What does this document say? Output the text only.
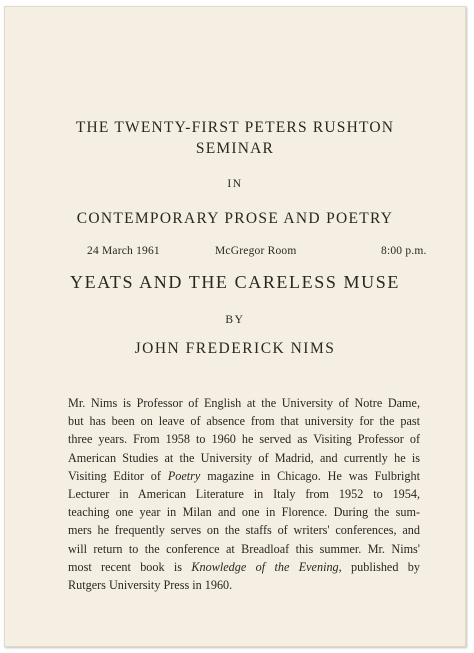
THE TWENTY-FIRST PETERS RUSHTON
SEMINAR
IN
CONTEMPORARY PROSE AND POETRY
24 March 1961	McGregor Room	8:00 p.m.
YEATS AND THE CARELESS MUSE
BY
JOHN FREDERICK NIMS

Mr. Nims is Professor of English at the University of Notre Dame,
but has been on leave of absence from that university for the past
three years. From 1958 to 1960 he served as Visiting Professor of
American Studies at the University of Madrid, and currently he is
Visiting Editor of Poetry magazine in Chicago. He was Fulbright
Lecturer in American Literature in Italy from 1952 to 1954,
teaching one year in Milan and one in Florence. During the sum-
mers he frequently serves on the staffs of writers' conferences, and
will return to the conference at Breadloaf this summer. Mr. Nims'
most recent book is Knowledge of the Evening, published by
Rutgers University Press in 1960.
